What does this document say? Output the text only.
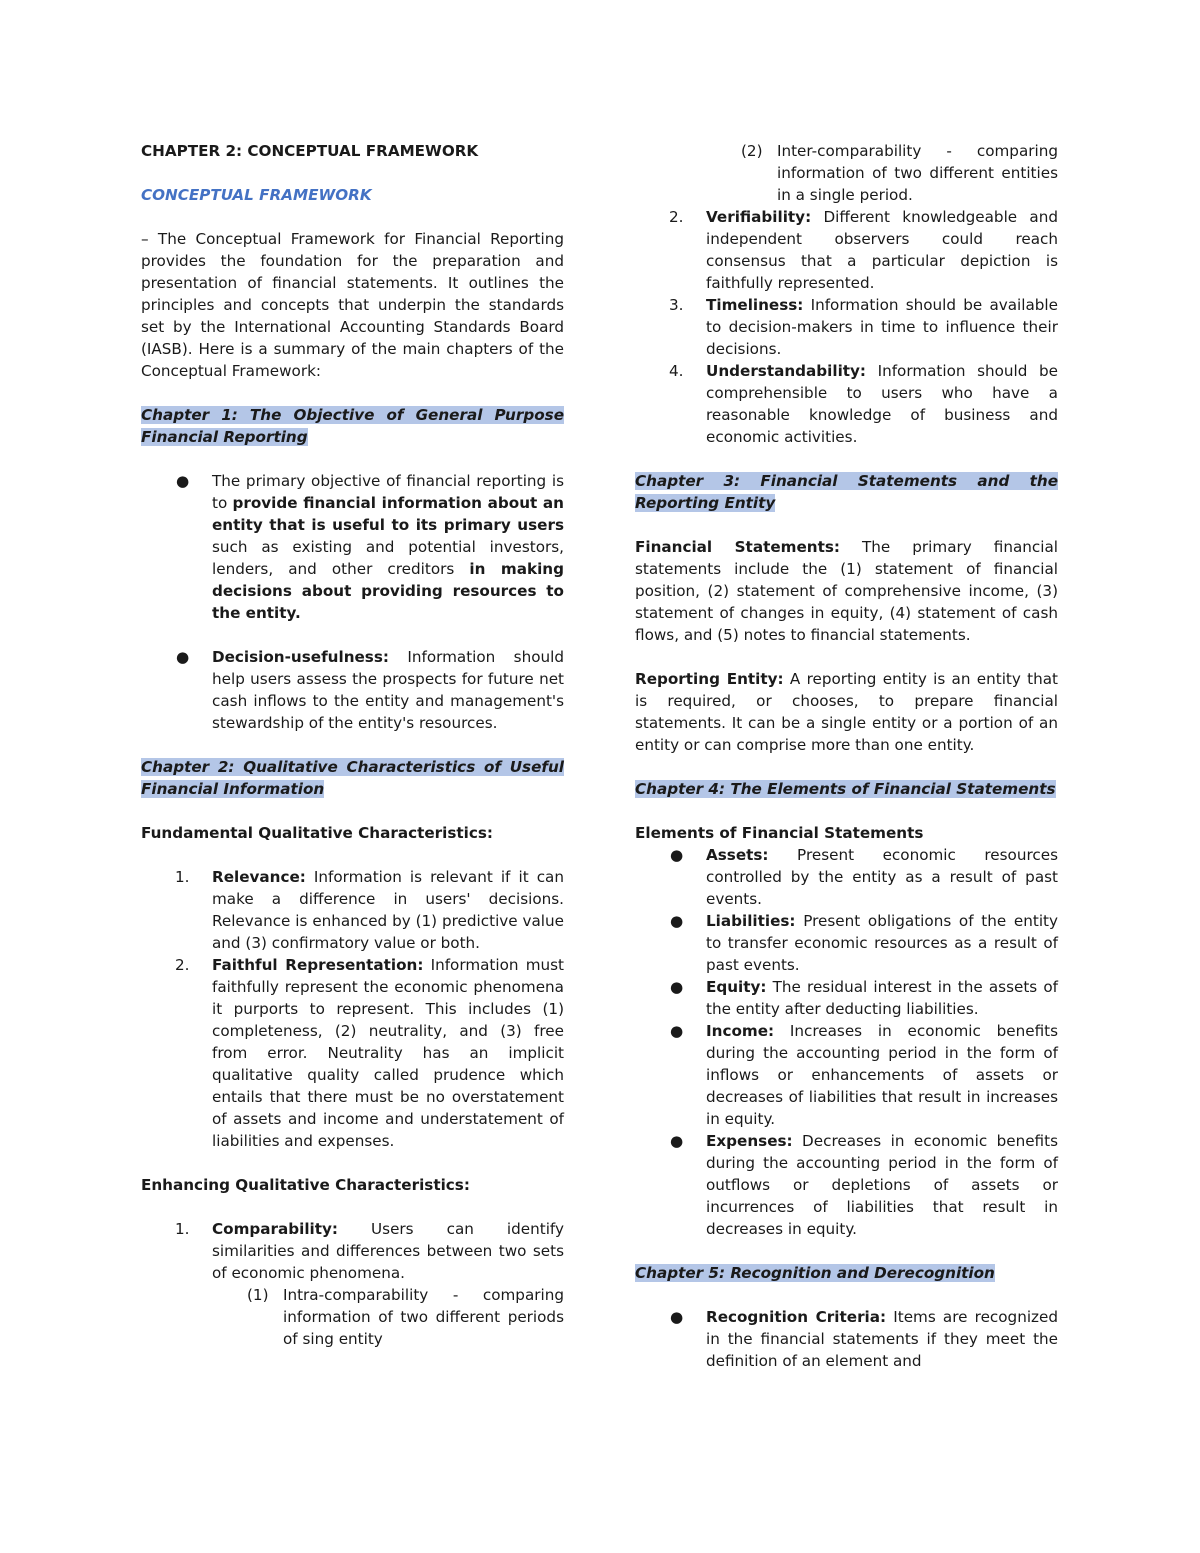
CHAPTER 2: CONCEPTUAL FRAMEWORK
CONCEPTUAL FRAMEWORK

– The Conceptual Framework for Financial Reporting provides the foundation for the preparation and presentation of financial statements. It outlines the principles and concepts that underpin the standards set by the International Accounting Standards Board (IASB). Here is a summary of the main chapters of the Conceptual Framework:

Chapter 1: The Objective of General Purpose Financial Reporting
● The primary objective of financial reporting is to provide financial information about an entity that is useful to its primary users such as existing and potential investors, lenders, and other creditors in making decisions about providing resources to the entity.
● Decision-usefulness: Information should help users assess the prospects for future net cash inflows to the entity and management's stewardship of the entity's resources.
Chapter 2: Qualitative Characteristics of Useful Financial Information

Fundamental Qualitative Characteristics:

1. Relevance: Information is relevant if it can make a difference in users' decisions. Relevance is enhanced by (1) predictive value and (3) confirmatory value or both.
2. Faithful Representation: Information must faithfully represent the economic phenomena it purports to represent. This includes (1) completeness, (2) neutrality, and (3) free from error. Neutrality has an implicit qualitative quality called prudence which entails that there must be no overstatement of assets and income and understatement of liabilities and expenses.

Enhancing Qualitative Characteristics:

1. Comparability: Users can identify similarities and differences between two sets of economic phenomena.
(1) Intra-comparability - comparing information of two different periods of sing entity
(2) Inter-comparability - comparing information of two different entities in a single period.
2. Verifiability: Different knowledgeable and independent observers could reach consensus that a particular depiction is faithfully represented.
3. Timeliness: Information should be available to decision-makers in time to influence their decisions.
4. Understandability: Information should be comprehensible to users who have a reasonable knowledge of business and economic activities.
Chapter 3: Financial Statements and the Reporting Entity

Financial Statements: The primary financial statements include the (1) statement of financial position, (2) statement of comprehensive income, (3) statement of changes in equity, (4) statement of cash flows, and (5) notes to financial statements.

Reporting Entity: A reporting entity is an entity that is required, or chooses, to prepare financial statements. It can be a single entity or a portion of an entity or can comprise more than one entity.

Chapter 4: The Elements of Financial Statements

Elements of Financial Statements

● Assets: Present economic resources controlled by the entity as a result of past events.
● Liabilities: Present obligations of the entity to transfer economic resources as a result of past events.
● Equity: The residual interest in the assets of the entity after deducting liabilities.
● Income: Increases in economic benefits during the accounting period in the form of inflows or enhancements of assets or decreases of liabilities that result in increases in equity.
● Expenses: Decreases in economic benefits during the accounting period in the form of outflows or depletions of assets or incurrences of liabilities that result in decreases in equity.
Chapter 5: Recognition and Derecognition
● Recognition Criteria: Items are recognized in the financial statements if they meet the definition of an element and
